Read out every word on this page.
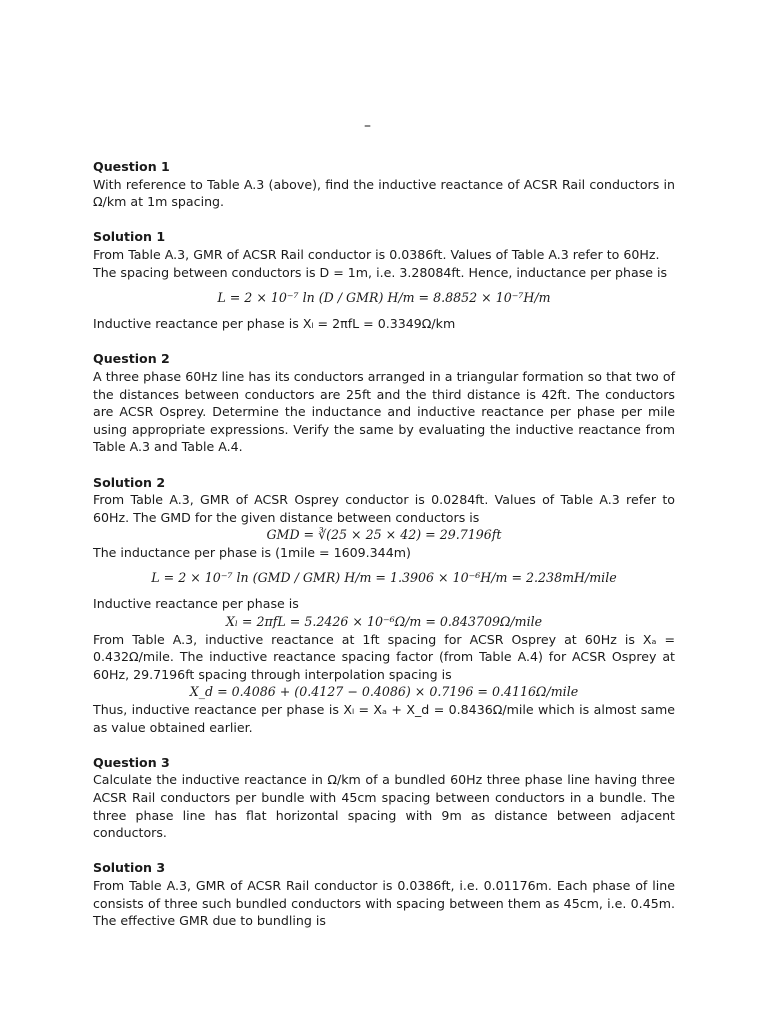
–
Question 1
With reference to Table A.3 (above), find the inductive reactance of ACSR Rail conductors in Ω/km at 1m spacing.
Solution 1
From Table A.3, GMR of ACSR Rail conductor is 0.0386ft. Values of Table A.3 refer to 60Hz.
The spacing between conductors is D = 1m, i.e. 3.28084ft. Hence, inductance per phase is
L = 2 × 10⁻⁷ ln (D / GMR) H/m = 8.8852 × 10⁻⁷H/m
Inductive reactance per phase is Xₗ = 2πfL = 0.3349Ω/km
Question 2
A three phase 60Hz line has its conductors arranged in a triangular formation so that two of the distances between conductors are 25ft and the third distance is 42ft. The conductors are ACSR Osprey. Determine the inductance and inductive reactance per phase per mile using appropriate expressions. Verify the same by evaluating the inductive reactance from Table A.3 and Table A.4.
Solution 2
From Table A.3, GMR of ACSR Osprey conductor is 0.0284ft. Values of Table A.3 refer to 60Hz. The GMD for the given distance between conductors is
GMD = ∛(25 × 25 × 42) = 29.7196ft
The inductance per phase is (1mile = 1609.344m)
L = 2 × 10⁻⁷ ln (GMD / GMR) H/m = 1.3906 × 10⁻⁶H/m = 2.238mH/mile
Inductive reactance per phase is
Xₗ = 2πfL = 5.2426 × 10⁻⁶Ω/m = 0.843709Ω/mile
From Table A.3, inductive reactance at 1ft spacing for ACSR Osprey at 60Hz is Xₐ = 0.432Ω/mile. The inductive reactance spacing factor (from Table A.4) for ACSR Osprey at 60Hz, 29.7196ft spacing through interpolation spacing is
X_d = 0.4086 + (0.4127 − 0.4086) × 0.7196 = 0.4116Ω/mile
Thus, inductive reactance per phase is Xₗ = Xₐ + X_d = 0.8436Ω/mile which is almost same as value obtained earlier.
Question 3
Calculate the inductive reactance in Ω/km of a bundled 60Hz three phase line having three ACSR Rail conductors per bundle with 45cm spacing between conductors in a bundle. The three phase line has flat horizontal spacing with 9m as distance between adjacent conductors.
Solution 3
From Table A.3, GMR of ACSR Rail conductor is 0.0386ft, i.e. 0.01176m. Each phase of line consists of three such bundled conductors with spacing between them as 45cm, i.e. 0.45m. The effective GMR due to bundling is
